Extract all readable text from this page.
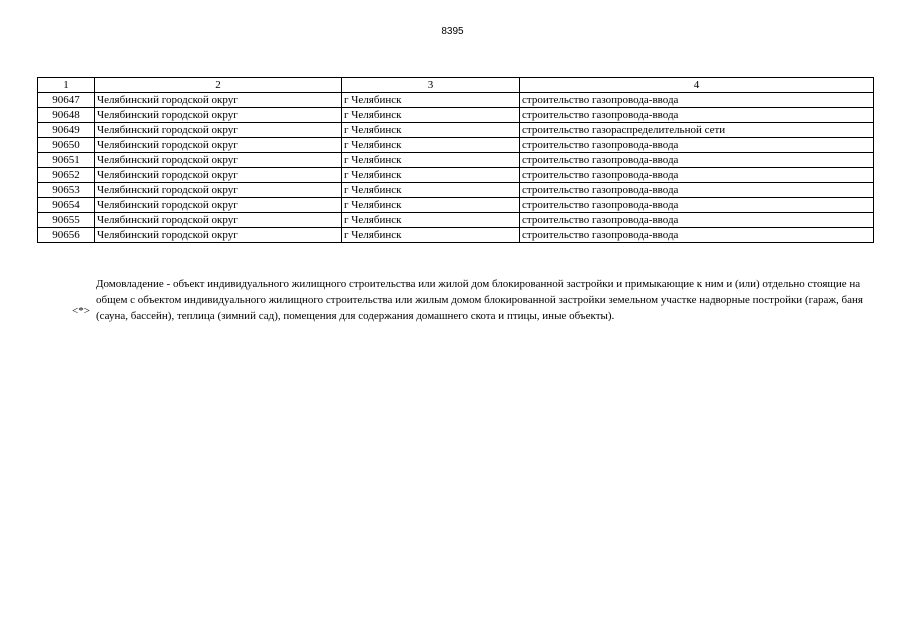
8395
1	2	3	4
90647	Челябинский городской округ	г Челябинск	строительство газопровода-ввода
90648	Челябинский городской округ	г Челябинск	строительство газопровода-ввода
90649	Челябинский городской округ	г Челябинск	строительство газораспределительной сети
90650	Челябинский городской округ	г Челябинск	строительство газопровода-ввода
90651	Челябинский городской округ	г Челябинск	строительство газопровода-ввода
90652	Челябинский городской округ	г Челябинск	строительство газопровода-ввода
90653	Челябинский городской округ	г Челябинск	строительство газопровода-ввода
90654	Челябинский городской округ	г Челябинск	строительство газопровода-ввода
90655	Челябинский городской округ	г Челябинск	строительство газопровода-ввода
90656	Челябинский городской округ	г Челябинск	строительство газопровода-ввода
<*>
Домовладение - объект индивидуального жилищного строительства или жилой дом блокированной застройки и примыкающие к ним и (или) отдельно стоящие на общем с объектом индивидуального жилищного строительства или жилым домом блокированной застройки земельном участке надворные постройки (гараж, баня (сауна, бассейн), теплица (зимний сад), помещения для содержания домашнего скота и птицы, иные объекты).
